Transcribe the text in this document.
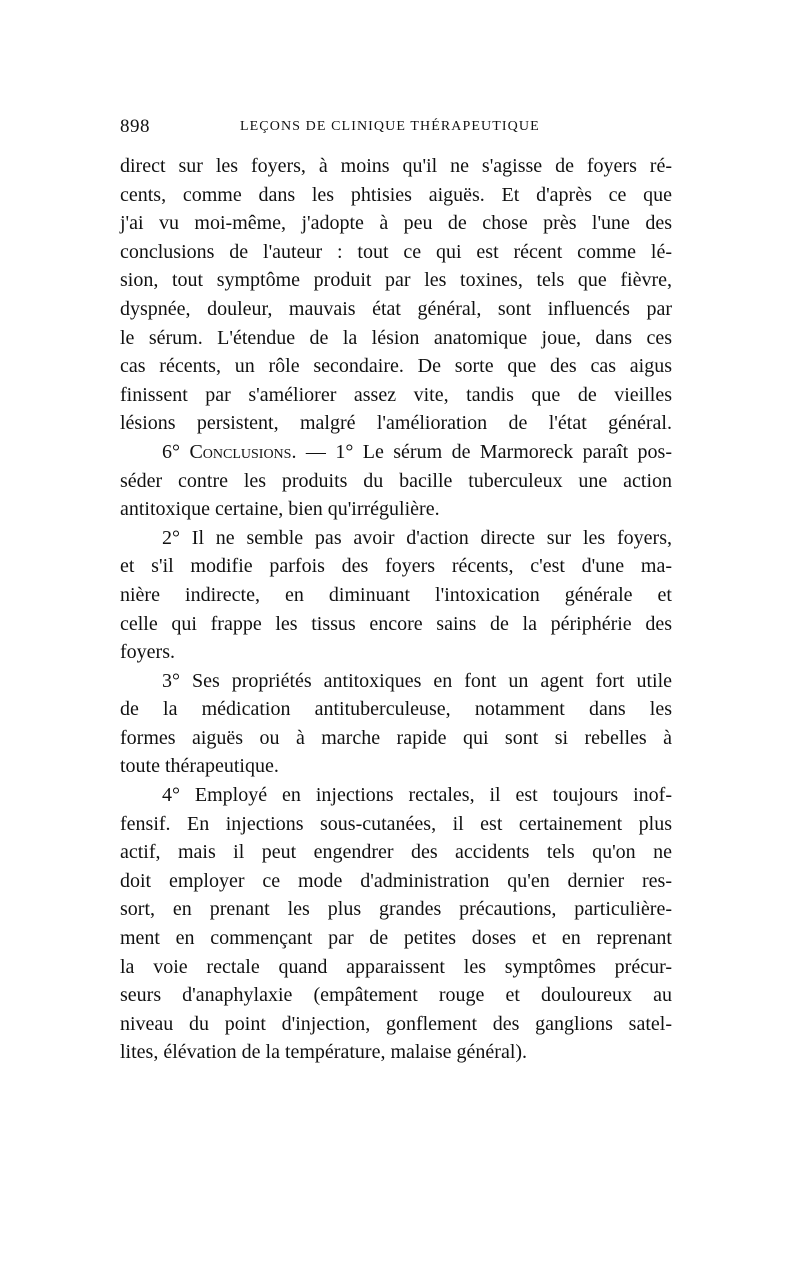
898	LEÇONS DE CLINIQUE THÉRAPEUTIQUE
direct sur les foyers, à moins qu'il ne s'agisse de foyers ré-
cents, comme dans les phtisies aiguës. Et d'après ce que
j'ai vu moi-même, j'adopte à peu de chose près l'une des
conclusions de l'auteur : tout ce qui est récent comme lé-
sion, tout symptôme produit par les toxines, tels que fièvre,
dyspnée, douleur, mauvais état général, sont influencés par
le sérum. L'étendue de la lésion anatomique joue, dans ces
cas récents, un rôle secondaire. De sorte que des cas aigus
finissent par s'améliorer assez vite, tandis que de vieilles
lésions persistent, malgré l'amélioration de l'état général.
6° Conclusions. — 1° Le sérum de Marmoreck paraît pos-
séder contre les produits du bacille tuberculeux une action
antitoxique certaine, bien qu'irrégulière.
2° Il ne semble pas avoir d'action directe sur les foyers,
et s'il modifie parfois des foyers récents, c'est d'une ma-
nière indirecte, en diminuant l'intoxication générale et
celle qui frappe les tissus encore sains de la périphérie des
foyers.
3° Ses propriétés antitoxiques en font un agent fort utile
de la médication antituberculeuse, notamment dans les
formes aiguës ou à marche rapide qui sont si rebelles à
toute thérapeutique.
4° Employé en injections rectales, il est toujours inof-
fensif. En injections sous-cutanées, il est certainement plus
actif, mais il peut engendrer des accidents tels qu'on ne
doit employer ce mode d'administration qu'en dernier res-
sort, en prenant les plus grandes précautions, particulière-
ment en commençant par de petites doses et en reprenant
la voie rectale quand apparaissent les symptômes précur-
seurs d'anaphylaxie (empâtement rouge et douloureux au
niveau du point d'injection, gonflement des ganglions satel-
lites, élévation de la température, malaise général).
